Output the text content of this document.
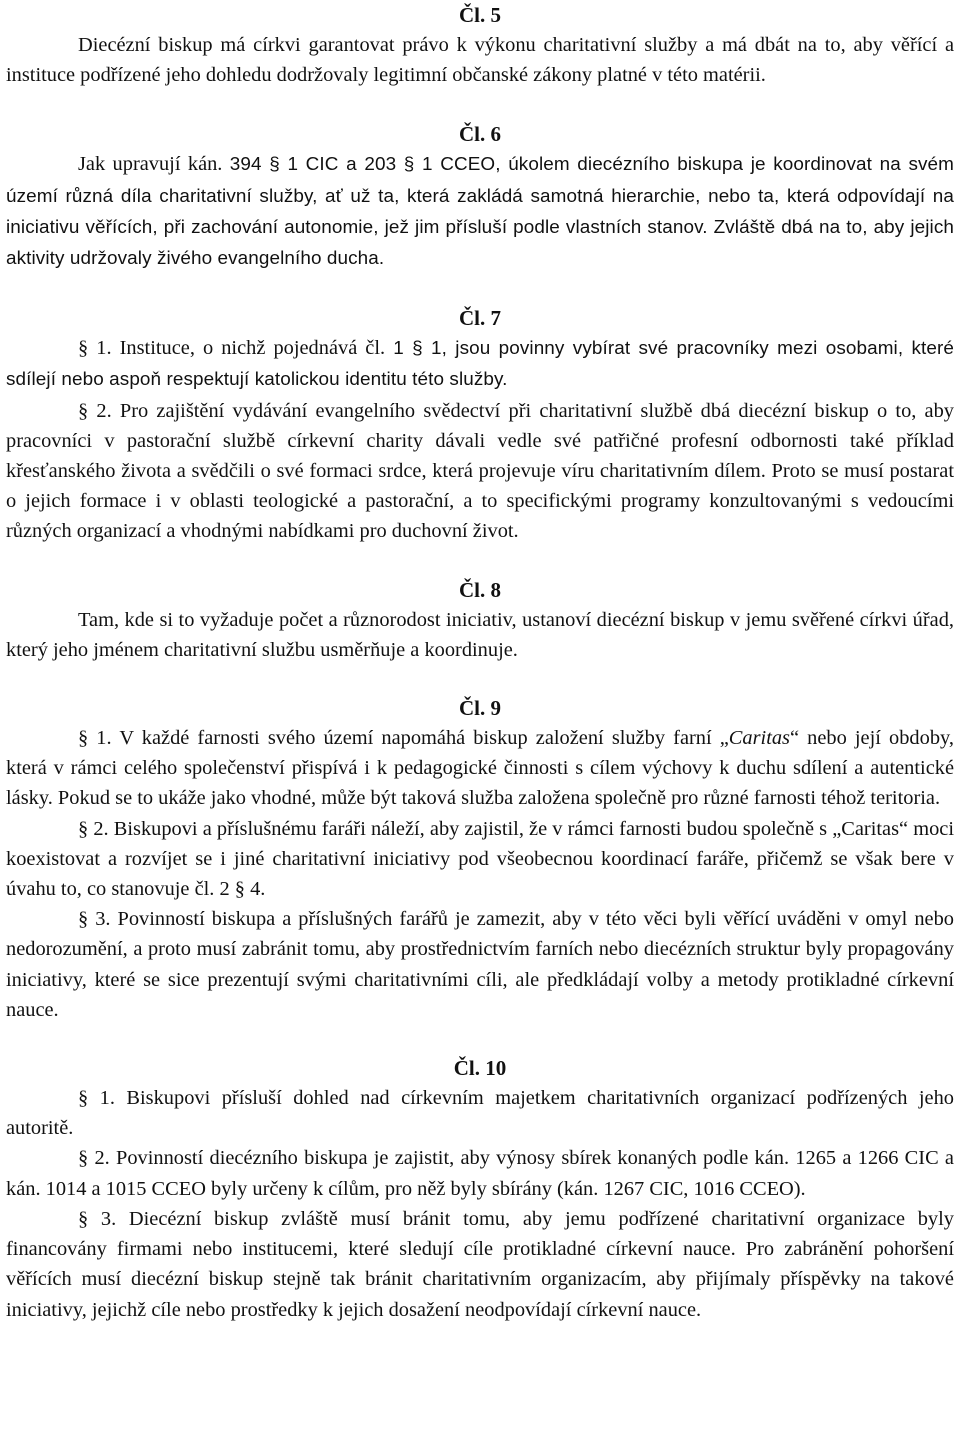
Čl. 5

Diecézní biskup má církvi garantovat právo k výkonu charitativní služby a má dbát na to, aby věřící a instituce podřízené jeho dohledu dodržovaly legitimní občanské zákony platné v této matérii.

Čl. 6

Jak upravují kán. 394 § 1 CIC a 203 § 1 CCEO, úkolem diecézního biskupa je koordinovat na svém území různá díla charitativní služby, ať už ta, která zakládá samotná hierarchie, nebo ta, která odpovídají na iniciativu věřících, při zachování autonomie, jež jim přísluší podle vlastních stanov. Zvláště dbá na to, aby jejich aktivity udržovaly živého evangelního ducha.

Čl. 7

§ 1. Instituce, o nichž pojednává čl. 1 § 1, jsou povinny vybírat své pracovníky mezi osobami, které sdílejí nebo aspoň respektují katolickou identitu této služby.

§ 2. Pro zajištění vydávání evangelního svědectví při charitativní službě dbá diecézní biskup o to, aby pracovníci v pastorační službě církevní charity dávali vedle své patřičné profesní odbornosti také příklad křesťanského života a svědčili o své formaci srdce, která projevuje víru charitativním dílem. Proto se musí postarat o jejich formace i v oblasti teologické a pastorační, a to specifickými programy konzultovanými s vedoucími různých organizací a vhodnými nabídkami pro duchovní život.

Čl. 8

Tam, kde si to vyžaduje počet a různorodost iniciativ, ustanoví diecézní biskup v jemu svěřené církvi úřad, který jeho jménem charitativní službu usměrňuje a koordinuje.

Čl. 9

§ 1. V každé farnosti svého území napomáhá biskup založení služby farní „Caritas“ nebo její obdoby, která v rámci celého společenství přispívá i k pedagogické činnosti s cílem výchovy k duchu sdílení a autentické lásky. Pokud se to ukáže jako vhodné, může být taková služba založena společně pro různé farnosti téhož teritoria.

§ 2. Biskupovi a příslušnému faráři náleží, aby zajistil, že v rámci farnosti budou společně s „Caritas“ moci koexistovat a rozvíjet se i jiné charitativní iniciativy pod všeobecnou koordinací faráře, přičemž se však bere v úvahu to, co stanovuje čl. 2 § 4.

§ 3. Povinností biskupa a příslušných farářů je zamezit, aby v této věci byli věřící uváděni v omyl nebo nedorozumění, a proto musí zabránit tomu, aby prostřednictvím farních nebo diecézních struktur byly propagovány iniciativy, které se sice prezentují svými charitativními cíli, ale předkládají volby a metody protikladné církevní nauce.

Čl. 10

§ 1. Biskupovi přísluší dohled nad církevním majetkem charitativních organizací podřízených jeho autoritě.

§ 2. Povinností diecézního biskupa je zajistit, aby výnosy sbírek konaných podle kán. 1265 a 1266 CIC a kán. 1014 a 1015 CCEO byly určeny k cílům, pro něž byly sbírány (kán. 1267 CIC, 1016 CCEO).

§ 3. Diecézní biskup zvláště musí bránit tomu, aby jemu podřízené charitativní organizace byly financovány firmami nebo institucemi, které sledují cíle protikladné církevní nauce. Pro zabránění pohoršení věřících musí diecézní biskup stejně tak bránit charitativním organizacím, aby přijímaly příspěvky na takové iniciativy, jejichž cíle nebo prostředky k jejich dosažení neodpovídají církevní nauce.
